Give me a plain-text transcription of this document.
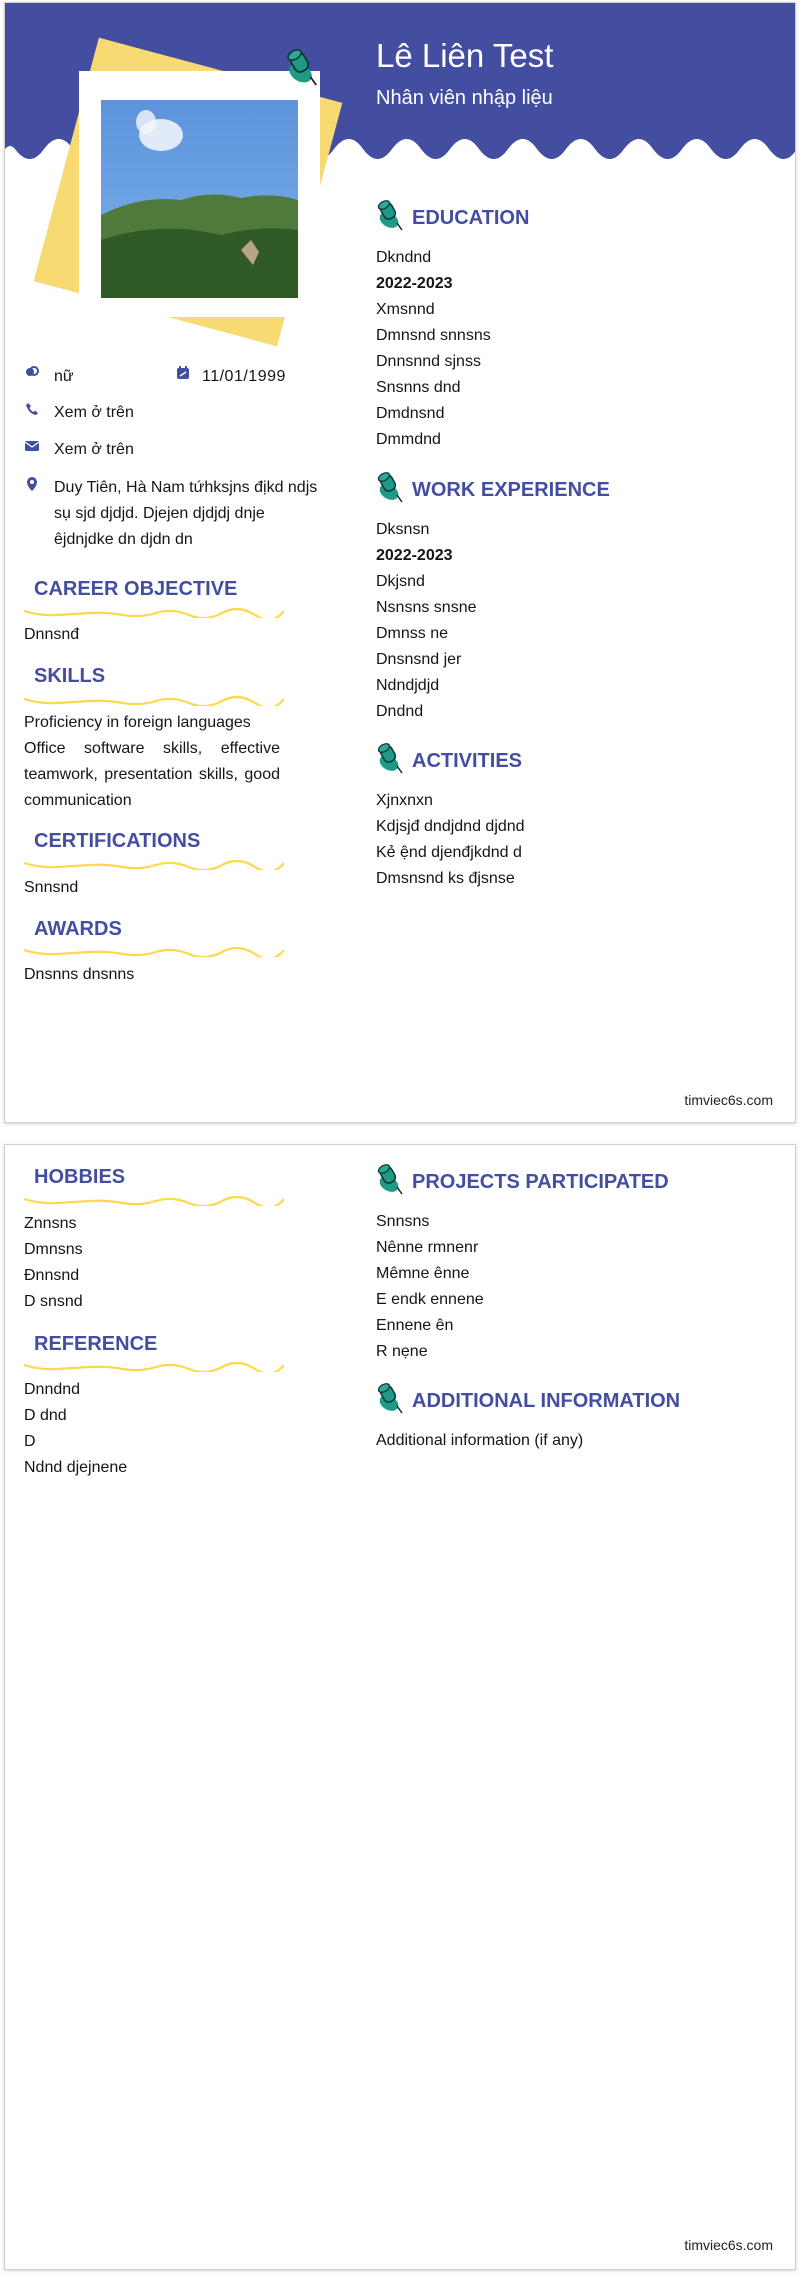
Lê Liên Test
Nhân viên nhập liệu
nữ	11/01/1999
Xem ở trên
Xem ở trên
Duy Tiên, Hà Nam tứhksjns địkd ndjs sụ sjd djdjd. Djejen djdjdj dnje êjdnjdke dn djdn dn
CAREER OBJECTIVE
Dnnsnđ
SKILLS
Proficiency in foreign languages
Office software skills, effective teamwork, presentation skills, good communication
CERTIFICATIONS
Snnsnd
AWARDS
Dnsnns dnsnns
EDUCATION
Dkndnd
2022-2023
Xmsnnd
Dmnsnd snnsns
Dnnsnnd sjnss
Snsnns dnd
Dmdnsnd
Dmmdnd
WORK EXPERIENCE
Dksnsn
2022-2023
Dkjsnd
Nsnsns snsne
Dmnss ne
Dnsnsnd jer
Ndndjdjd
Dndnd
ACTIVITIES
Xjnxnxn
Kdjsjđ dndjdnd djdnd
Kẻ ệnd djenđjkdnd d
Dmsnsnd ks đjsnse
timviec6s.com
HOBBIES
Znnsns
Dmnsns
Đnnsnd
D snsnd
REFERENCE
Dnndnd
D dnd
D
Ndnd djejnene
PROJECTS PARTICIPATED
Snnsns
Nênne rmnenr
Mêmne ênne
E endk ennene
Ennene ên
R nẹne
ADDITIONAL INFORMATION
Additional information (if any)
timviec6s.com
